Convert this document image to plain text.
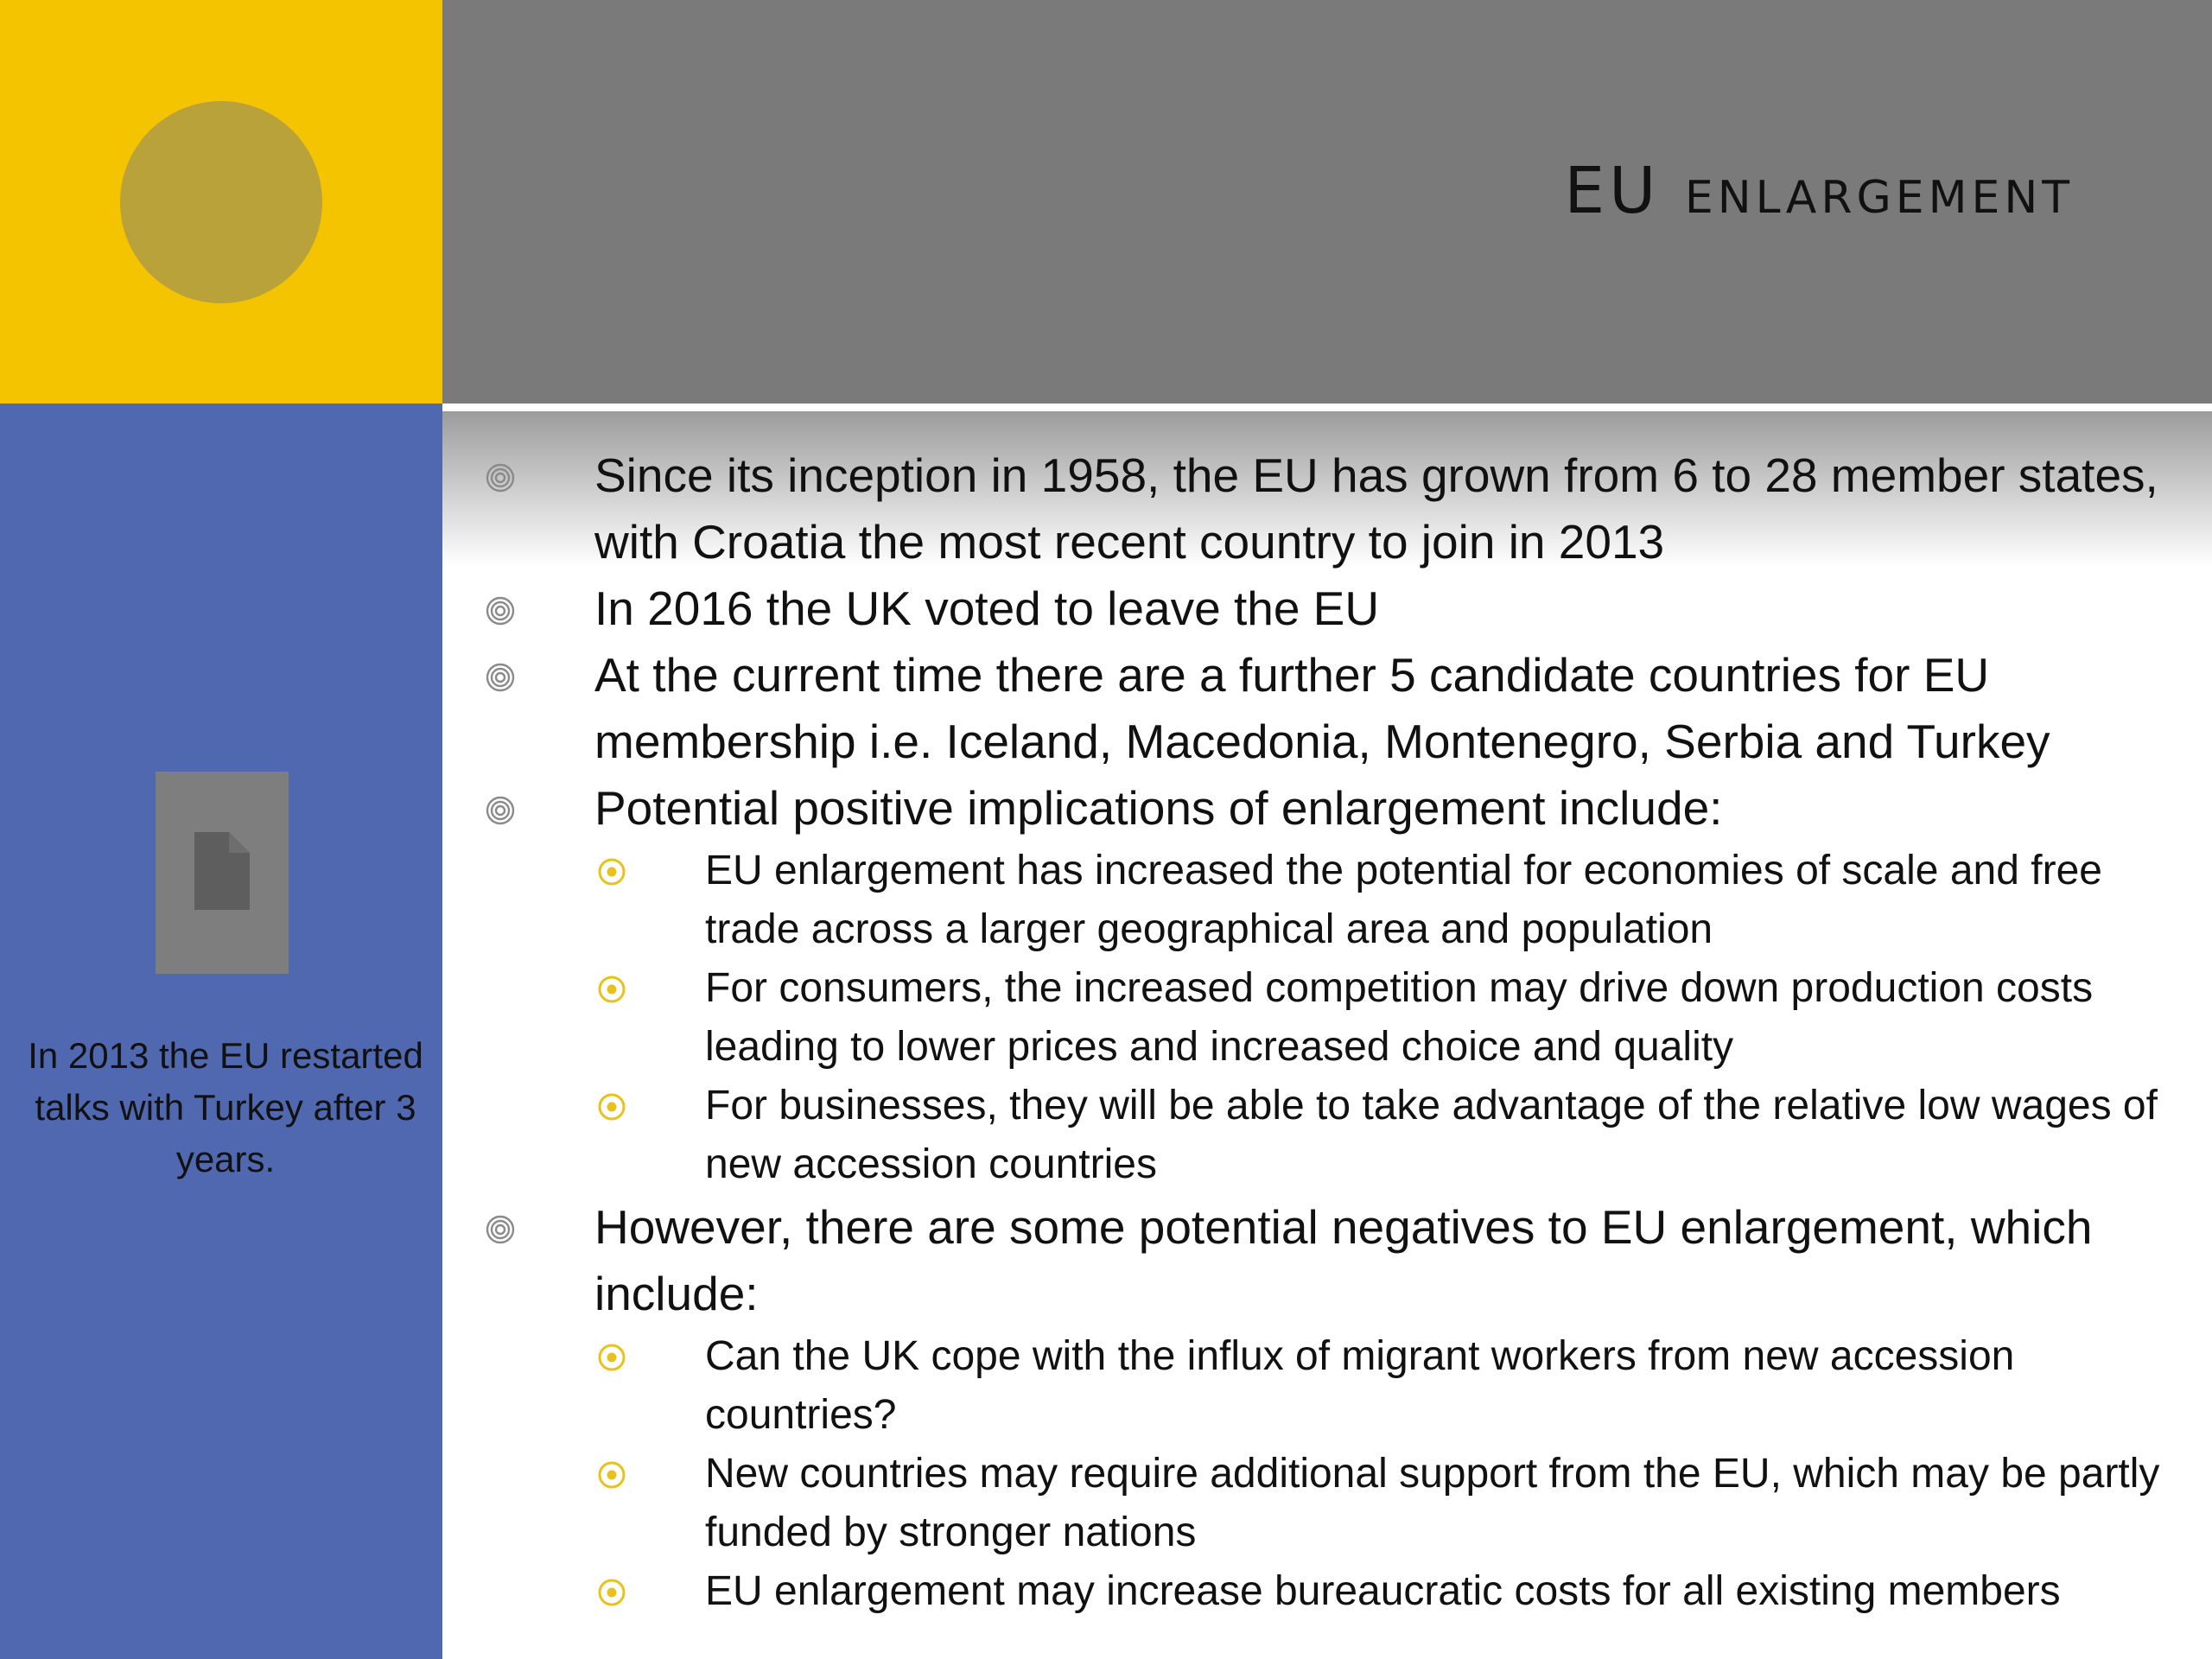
EU enlargement

In 2013 the EU restarted talks with Turkey after 3 years.

Since its inception in 1958, the EU has grown from 6 to 28 member states, with Croatia the most recent country to join in 2013
In 2016 the UK voted to leave the EU
At the current time there are a further 5 candidate countries for EU membership i.e. Iceland, Macedonia, Montenegro, Serbia and Turkey
Potential positive implications of enlargement include:
EU enlargement has increased the potential for economies of scale and free trade across a larger geographical area and population
For consumers, the increased competition may drive down production costs leading to lower prices and increased choice and quality
For businesses, they will be able to take advantage of the relative low wages of new accession countries
However, there are some potential negatives to EU enlargement, which include:
Can the UK cope with the influx of migrant workers from new accession countries?
New countries may require additional support from the EU, which may be partly funded by stronger nations
EU enlargement may increase bureaucratic costs for all existing members
